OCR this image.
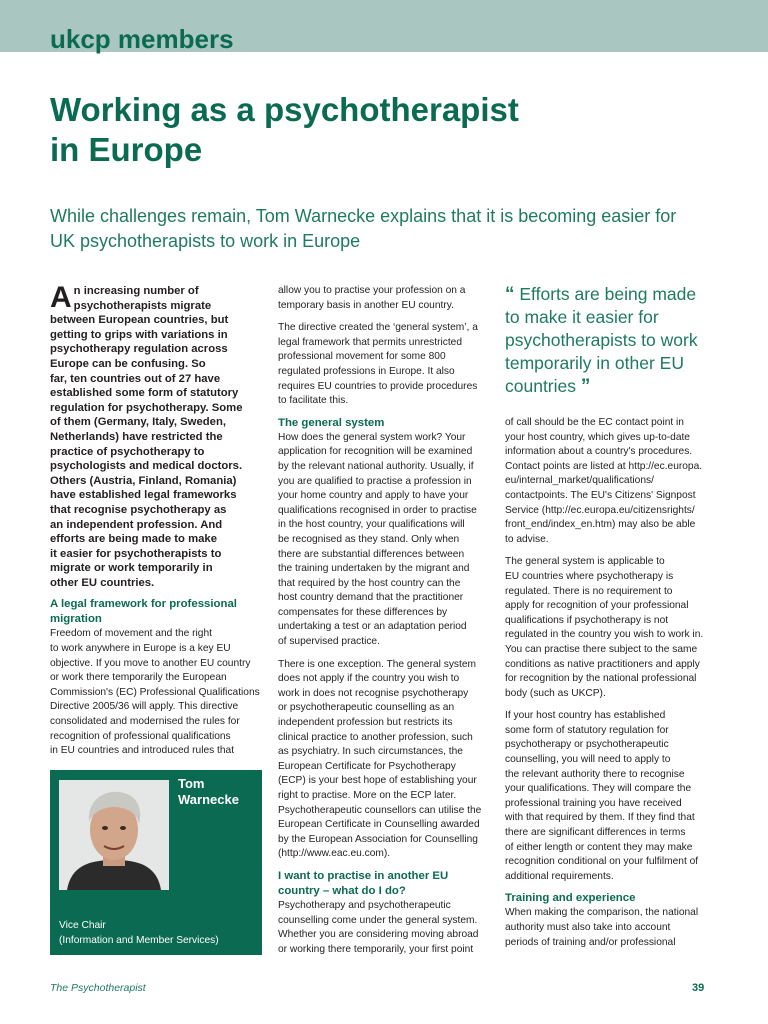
ukcp members
Working as a psychotherapist
in Europe
While challenges remain, Tom Warnecke explains that it is becoming easier for
UK psychotherapists to work in Europe
A n increasing number of
psychotherapists migrate
between European countries, but
getting to grips with variations in
psychotherapy regulation across
Europe can be confusing. So
far, ten countries out of 27 have
established some form of statutory
regulation for psychotherapy. Some
of them (Germany, Italy, Sweden,
Netherlands) have restricted the
practice of psychotherapy to
psychologists and medical doctors.
Others (Austria, Finland, Romania)
have established legal frameworks
that recognise psychotherapy as
an independent profession. And
efforts are being made to make
it easier for psychotherapists to
migrate or work temporarily in
other EU countries.
A legal framework for professional
migration
Freedom of movement and the right
to work anywhere in Europe is a key EU
objective. If you move to another EU country
or work there temporarily the European
Commission's (EC) Professional Qualifications
Directive 2005/36 will apply. This directive
consolidated and modernised the rules for
recognition of professional qualifications
in EU countries and introduced rules that
allow you to practise your profession on a
temporary basis in another EU country.
The directive created the ‘general system’, a
legal framework that permits unrestricted
professional movement for some 800
regulated professions in Europe. It also
requires EU countries to provide procedures
to facilitate this.
The general system
How does the general system work? Your
application for recognition will be examined
by the relevant national authority. Usually, if
you are qualified to practise a profession in
your home country and apply to have your
qualifications recognised in order to practise
in the host country, your qualifications will
be recognised as they stand. Only when
there are substantial differences between
the training undertaken by the migrant and
that required by the host country can the
host country demand that the practitioner
compensates for these differences by
undertaking a test or an adaptation period
of supervised practice.
There is one exception. The general system
does not apply if the country you wish to
work in does not recognise psychotherapy
or psychotherapeutic counselling as an
independent profession but restricts its
clinical practice to another profession, such
as psychiatry. In such circumstances, the
European Certificate for Psychotherapy
(ECP) is your best hope of establishing your
right to practise. More on the ECP later.
Psychotherapeutic counsellors can utilise the
European Certificate in Counselling awarded
by the European Association for Counselling
(http://www.eac.eu.com).
I want to practise in another EU
country – what do I do?
Psychotherapy and psychotherapeutic
counselling come under the general system.
Whether you are considering moving abroad
or working there temporarily, your first point
“ Efforts are being made
to make it easier for
psychotherapists to work
temporarily in other EU
countries ”
of call should be the EC contact point in
your host country, which gives up-to-date
information about a country's procedures.
Contact points are listed at http://ec.europa.
eu/internal_market/qualifications/
contactpoints. The EU's Citizens' Signpost
Service (http://ec.europa.eu/citizensrights/
front_end/index_en.htm) may also be able
to advise.
The general system is applicable to
EU countries where psychotherapy is
regulated. There is no requirement to
apply for recognition of your professional
qualifications if psychotherapy is not
regulated in the country you wish to work in.
You can practise there subject to the same
conditions as native practitioners and apply
for recognition by the national professional
body (such as UKCP).
If your host country has established
some form of statutory regulation for
psychotherapy or psychotherapeutic
counselling, you will need to apply to
the relevant authority there to recognise
your qualifications. They will compare the
professional training you have received
with that required by them. If they find that
there are significant differences in terms
of either length or content they may make
recognition conditional on your fulfilment of
additional requirements.
Training and experience
When making the comparison, the national
authority must also take into account
periods of training and/or professional
Tom
Warnecke
Vice Chair
(Information and Member Services)
The Psychotherapist	39
